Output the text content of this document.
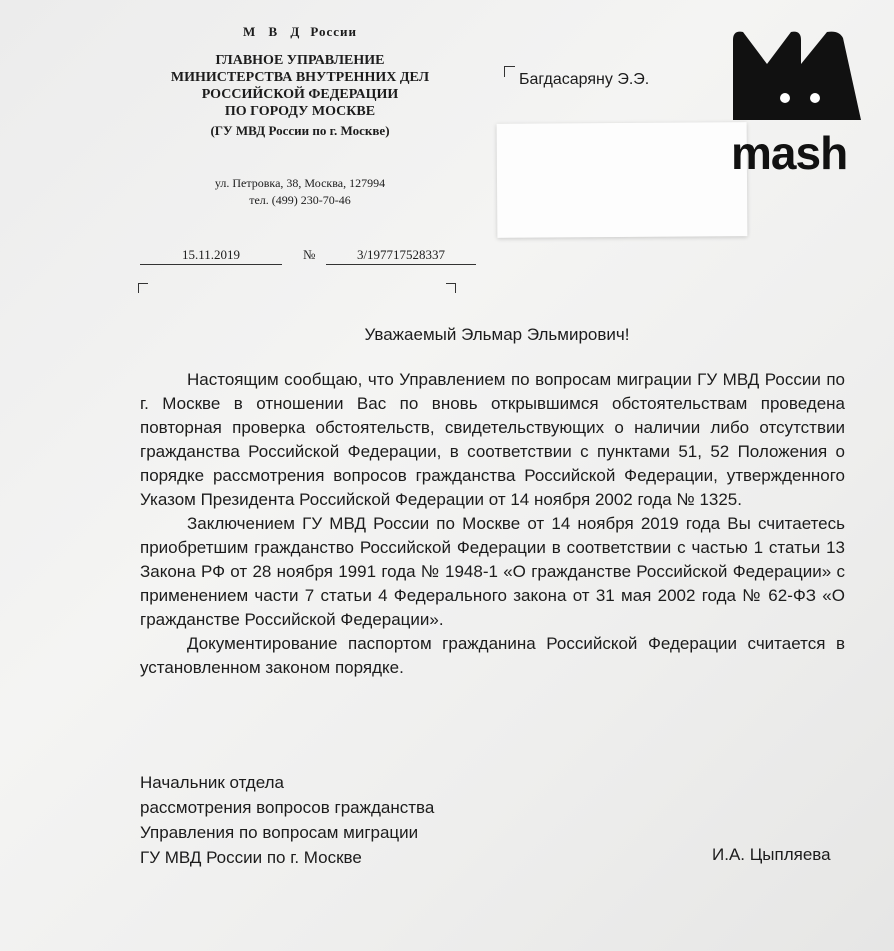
М В Д России
ГЛАВНОЕ УПРАВЛЕНИЕ
МИНИСТЕРСТВА ВНУТРЕННИХ ДЕЛ
РОССИЙСКОЙ ФЕДЕРАЦИИ
ПО ГОРОДУ МОСКВЕ
(ГУ МВД России по г. Москве)
ул. Петровка, 38, Москва, 127994
тел. (499) 230-70-46
Багдасаряну Э.Э.
mash
15.11.2019	№	3/197717528337
Уважаемый Эльмар Эльмирович!

Настоящим сообщаю, что Управлением по вопросам миграции ГУ МВД России по г. Москве в отношении Вас по вновь открывшимся обстоятельствам проведена повторная проверка обстоятельств, свидетельствующих о наличии либо отсутствии гражданства Российской Федерации, в соответствии с пунктами 51, 52 Положения о порядке рассмотрения вопросов гражданства Российской Федерации, утвержденного Указом Президента Российской Федерации от 14 ноября 2002 года № 1325.

Заключением ГУ МВД России по Москве от 14 ноября 2019 года Вы считаетесь приобретшим гражданство Российской Федерации в соответствии с частью 1 статьи 13 Закона РФ от 28 ноября 1991 года № 1948-1 «О гражданстве Российской Федерации» с применением части 7 статьи 4 Федерального закона от 31 мая 2002 года № 62-ФЗ «О гражданстве Российской Федерации».

Документирование паспортом гражданина Российской Федерации считается в установленном законом порядке.

Начальник отдела
рассмотрения вопросов гражданства
Управления по вопросам миграции
ГУ МВД России по г. Москве	И.А. Цыпляева
